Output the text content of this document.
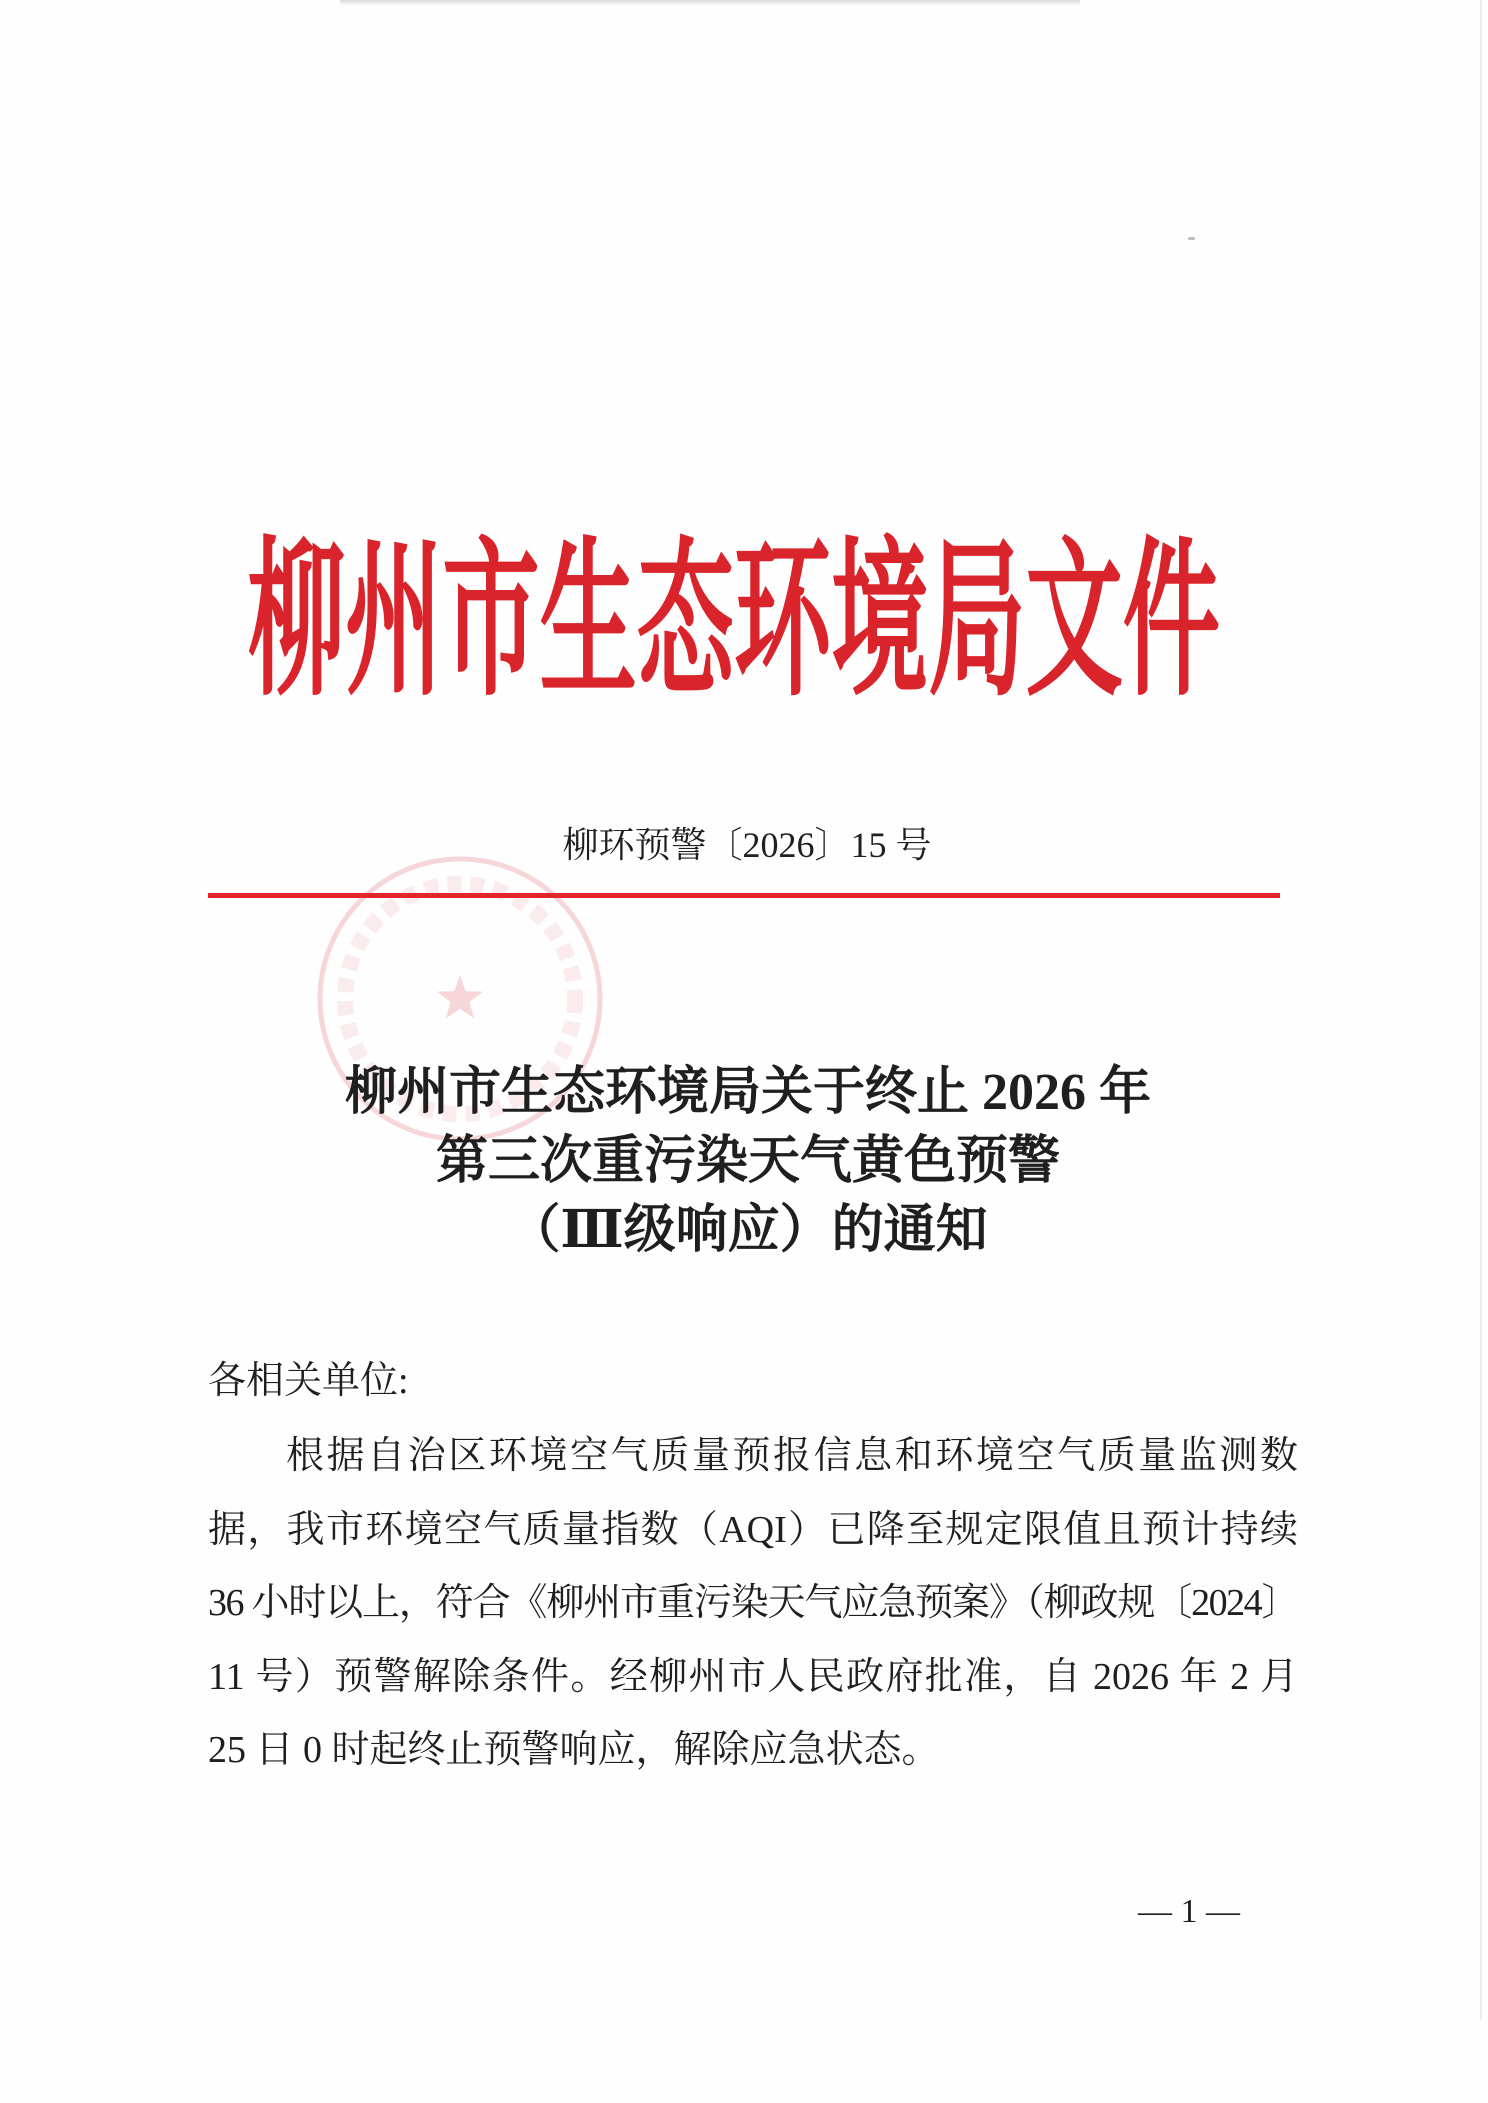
柳州市生态环境局文件
柳环预警〔2026〕15 号
柳州市生态环境局关于终止 2026 年
第三次重污染天气黄色预警
（Ⅲ级响应）的通知
各相关单位:
根据自治区环境空气质量预报信息和环境空气质量监测数
据，我市环境空气质量指数（AQI）已降至规定限值且预计持续
36 小时以上，符合《柳州市重污染天气应急预案》（柳政规〔2024〕
11 号）预警解除条件。经柳州市人民政府批准，自 2026 年 2 月
25 日 0 时起终止预警响应，解除应急状态。
— 1 —
